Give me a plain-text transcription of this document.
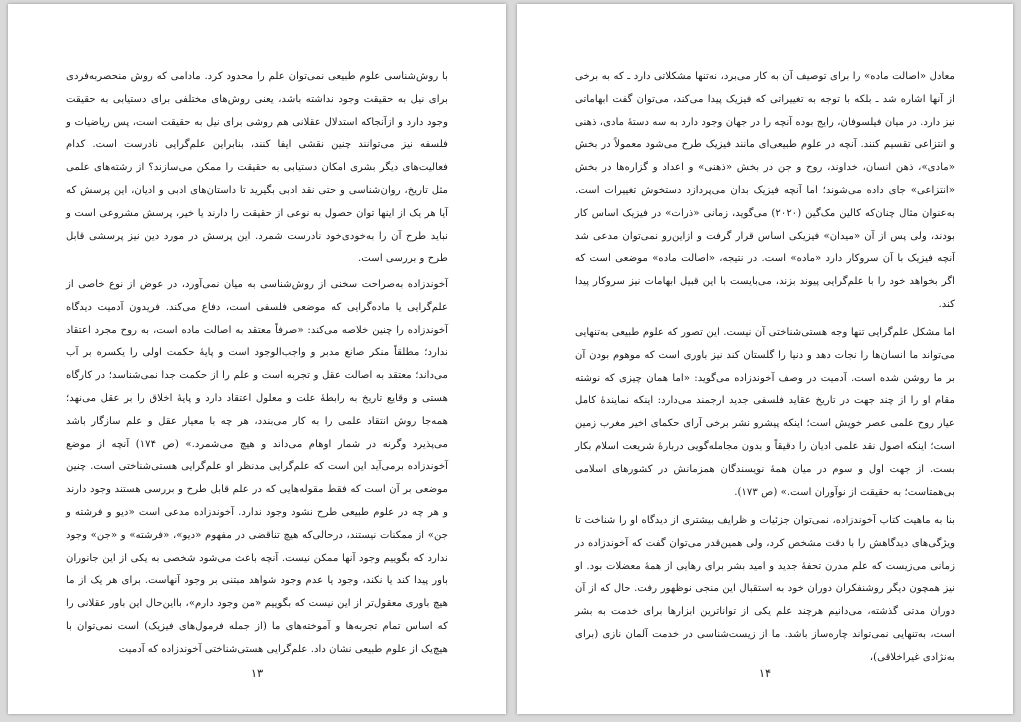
با روش‌شناسی علوم طبیعی نمی‌توان علم را محدود کرد. مادامی که روش منحصربه‌فردی برای نیل به حقیقت وجود نداشته باشد، یعنی روش‌های مختلفی برای دستیابی به حقیقت وجود دارد و ازآنجاکه استدلال عقلانی هم روشی برای نیل به حقیقت است، پس ریاضیات و فلسفه نیز می‌توانند چنین نقشی ایفا کنند، بنابراین علم‌گرایی نادرست است. کدام فعالیت‌های دیگر بشری امکان دستیابی به حقیقت را ممکن می‌سازند؟ از رشته‌های علمی مثل تاریخ، روان‌شناسی و حتی نقد ادبی بگیرید تا داستان‌های ادبی و ادیان، این پرسش که آیا هر یک از اینها توان حصول به نوعی از حقیقت را دارند یا خیر، پرسش مشروعی است و نباید طرح آن را به‌خودی‌خود نادرست شمرد. این پرسش در مورد دین نیز پرسشی قابل طرح و بررسی است.
آخوندزاده به‌صراحت سخنی از روش‌شناسی به میان نمی‌آورد، در عوض از نوع خاصی از علم‌گرایی یا ماده‌گرایی که موضعی فلسفی است، دفاع می‌کند. فریدون آدمیت دیدگاه آخوندزاده را چنین خلاصه می‌کند: «صرفاً معتقد به اصالت ماده است، به روح مجرد اعتقاد ندارد؛ مطلقاً منکر صانع مدبر و واجب‌الوجود است و پایهٔ حکمت اولی را یکسره بر آب می‌داند؛ معتقد به اصالت عقل و تجربه است و علم را از حکمت جدا نمی‌شناسد؛ در کارگاه هستی و وقایع تاریخ به رابطهٔ علت و معلول اعتقاد دارد و پایهٔ اخلاق را بر عقل می‌نهد؛ همه‌جا روش انتقاد علمی را به کار می‌بندد، هر چه با معیار عقل و علم سازگار باشد می‌پذیرد وگرنه در شمار اوهام می‌داند و هیچ می‌شمرد.» (ص ۱۷۴) آنچه از موضع آخوندزاده برمی‌آید این است که علم‌گرایی مدنظر او علم‌گرایی هستی‌شناختی است. چنین موضعی بر آن است که فقط مقوله‌هایی که در علم قابل طرح و بررسی هستند وجود دارند و هر چه در علوم طبیعی طرح نشود وجود ندارد. آخوندزاده مدعی است «دیو و فرشته و جن» از ممکنات نیستند، درحالی‌که هیچ تناقضی در مفهوم «دیو»، «فرشته» و «جن» وجود ندارد که بگوییم وجود آنها ممکن نیست. آنچه باعث می‌شود شخصی به یکی از این جانوران باور پیدا کند یا نکند، وجود یا عدم وجود شواهد مبتنی بر وجود آنهاست. برای هر یک از ما هیچ باوری معقول‌تر از این نیست که بگوییم «من وجود دارم»، بااین‌حال این باور عقلانی را که اساس تمام تجربه‌ها و آموخته‌های ما (از جمله فرمول‌های فیزیک) است نمی‌توان با هیچ‌یک از علوم طبیعی نشان داد. علم‌گرایی هستی‌شناختی آخوندزاده که آدمیت
۱۳
معادل «اصالت ماده» را برای توصیف آن به کار می‌برد، نه‌تنها مشکلاتی دارد ـ که به برخی از آنها اشاره شد ـ بلکه با توجه به تغییراتی که فیزیک پیدا می‌کند، می‌توان گفت ابهاماتی نیز دارد. در میان فیلسوفان، رایج بوده آنچه را در جهان وجود دارد به سه دستهٔ مادی، ذهنی و انتزاعی تقسیم کنند. آنچه در علوم طبیعی‌ای مانند فیزیک طرح می‌شود معمولاً در بخش «مادی»، ذهن انسان، خداوند، روح و جن در بخش «ذهنی» و اعداد و گزاره‌ها در بخش «انتزاعی» جای داده می‌شوند؛ اما آنچه فیزیک بدان می‌پردازد دستخوش تغییرات است. به‌عنوان مثال چنان‌که کالین مک‌گین (۲۰۲۰) می‌گوید، زمانی «ذرات» در فیزیک اساس کار بودند، ولی پس از آن «میدان» فیزیکی اساس قرار گرفت و ازاین‌رو نمی‌توان مدعی شد آنچه فیزیک با آن سروکار دارد «ماده» است. در نتیجه، «اصالت ماده» موضعی است که اگر بخواهد خود را با علم‌گرایی پیوند بزند، می‌بایست با این قبیل ابهامات نیز سروکار پیدا کند.
اما مشکل علم‌گرایی تنها وجه هستی‌شناختی آن نیست. این تصور که علوم طبیعی به‌تنهایی می‌تواند ما انسان‌ها را نجات دهد و دنیا را گلستان کند نیز باوری است که موهوم بودن آن بر ما روشن شده است. آدمیت در وصف آخوندزاده می‌گوید: «اما همان چیزی که نوشته مقام او را از چند جهت در تاریخ عقاید فلسفی جدید ارجمند می‌دارد: اینکه نمایندهٔ کامل عیار روح علمی عصر خویش است؛ اینکه پیشرو نشر برخی آرای حکمای اخیر مغرب زمین است؛ اینکه اصول نقد علمی ادیان را دقیقاً و بدون مجامله‌گویی دربارهٔ شریعت اسلام بکار بست. از جهت اول و سوم در میان همهٔ نویسندگان همزمانش در کشورهای اسلامی بی‌همتاست؛ به حقیقت از نوآوران است.» (ص ۱۷۳).
بنا به ماهیت کتاب آخوندزاده، نمی‌توان جزئیات و ظرایف بیشتری از دیدگاه او را شناخت تا ویژگی‌های دیدگاهش را با دقت مشخص کرد، ولی همین‌قدر می‌توان گفت که آخوندزاده در زمانی می‌زیست که علم مدرن تحفهٔ جدید و امید بشر برای رهایی از همهٔ معضلات بود. او نیز همچون دیگر روشنفکران دوران خود به استقبال این منجی نوظهور رفت. حال که از آن دوران مدتی گذشته، می‌دانیم هرچند علم یکی از تواناترین ابزارها برای خدمت به بشر است، به‌تنهایی نمی‌تواند چاره‌ساز باشد. ما از زیست‌شناسی در خدمت آلمان نازی (برای به‌نژادی غیراخلاقی)،
۱۴
